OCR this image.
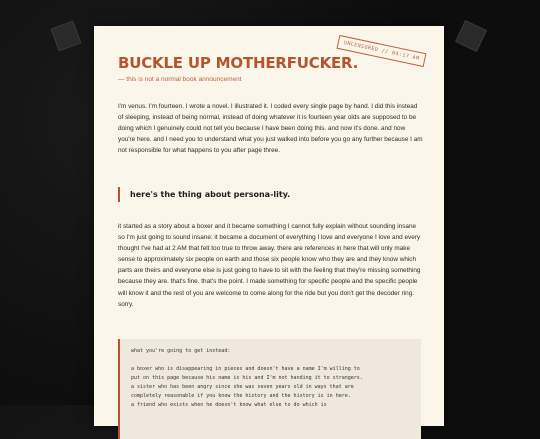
UNCENSORED // 04:17 AM
BUCKLE UP MOTHERFUCKER.
— this is not a normal book announcement

I'm venus. I'm fourteen. I wrote a novel. I illustrated it. I coded every single page by hand. I did this instead of sleeping, instead of being normal, instead of doing whatever it is fourteen year olds are supposed to be doing which I genuinely could not tell you because I have been doing this. and now it's done. and now you're here. and I need you to understand what you just walked into before you go any further because I am not responsible for what happens to you after page three.

here's the thing about persona-lity.

it started as a story about a boxer and it became something I cannot fully explain without sounding insane so I'm just going to sound insane: it became a document of everything I love and everyone I love and every thought I've had at 2 AM that felt too true to throw away. there are references in here that will only make sense to approximately six people on earth and those six people know who they are and they know which parts are theirs and everyone else is just going to have to sit with the feeling that they're missing something because they are. that's fine. that's the point. I made something for specific people and the specific people will know it and the rest of you are welcome to come along for the ride but you don't get the decoder ring. sorry.

what you're going to get instead:
a boxer who is disappearing in pieces and doesn't have a name I'm willing to
put on this page because his name is his and I'm not handing it to strangers.
a sister who has been angry since she was seven years old in ways that are
completely reasonable if you know the history and the history is in here.
a friend who exists when he doesn't know what else to do which is
